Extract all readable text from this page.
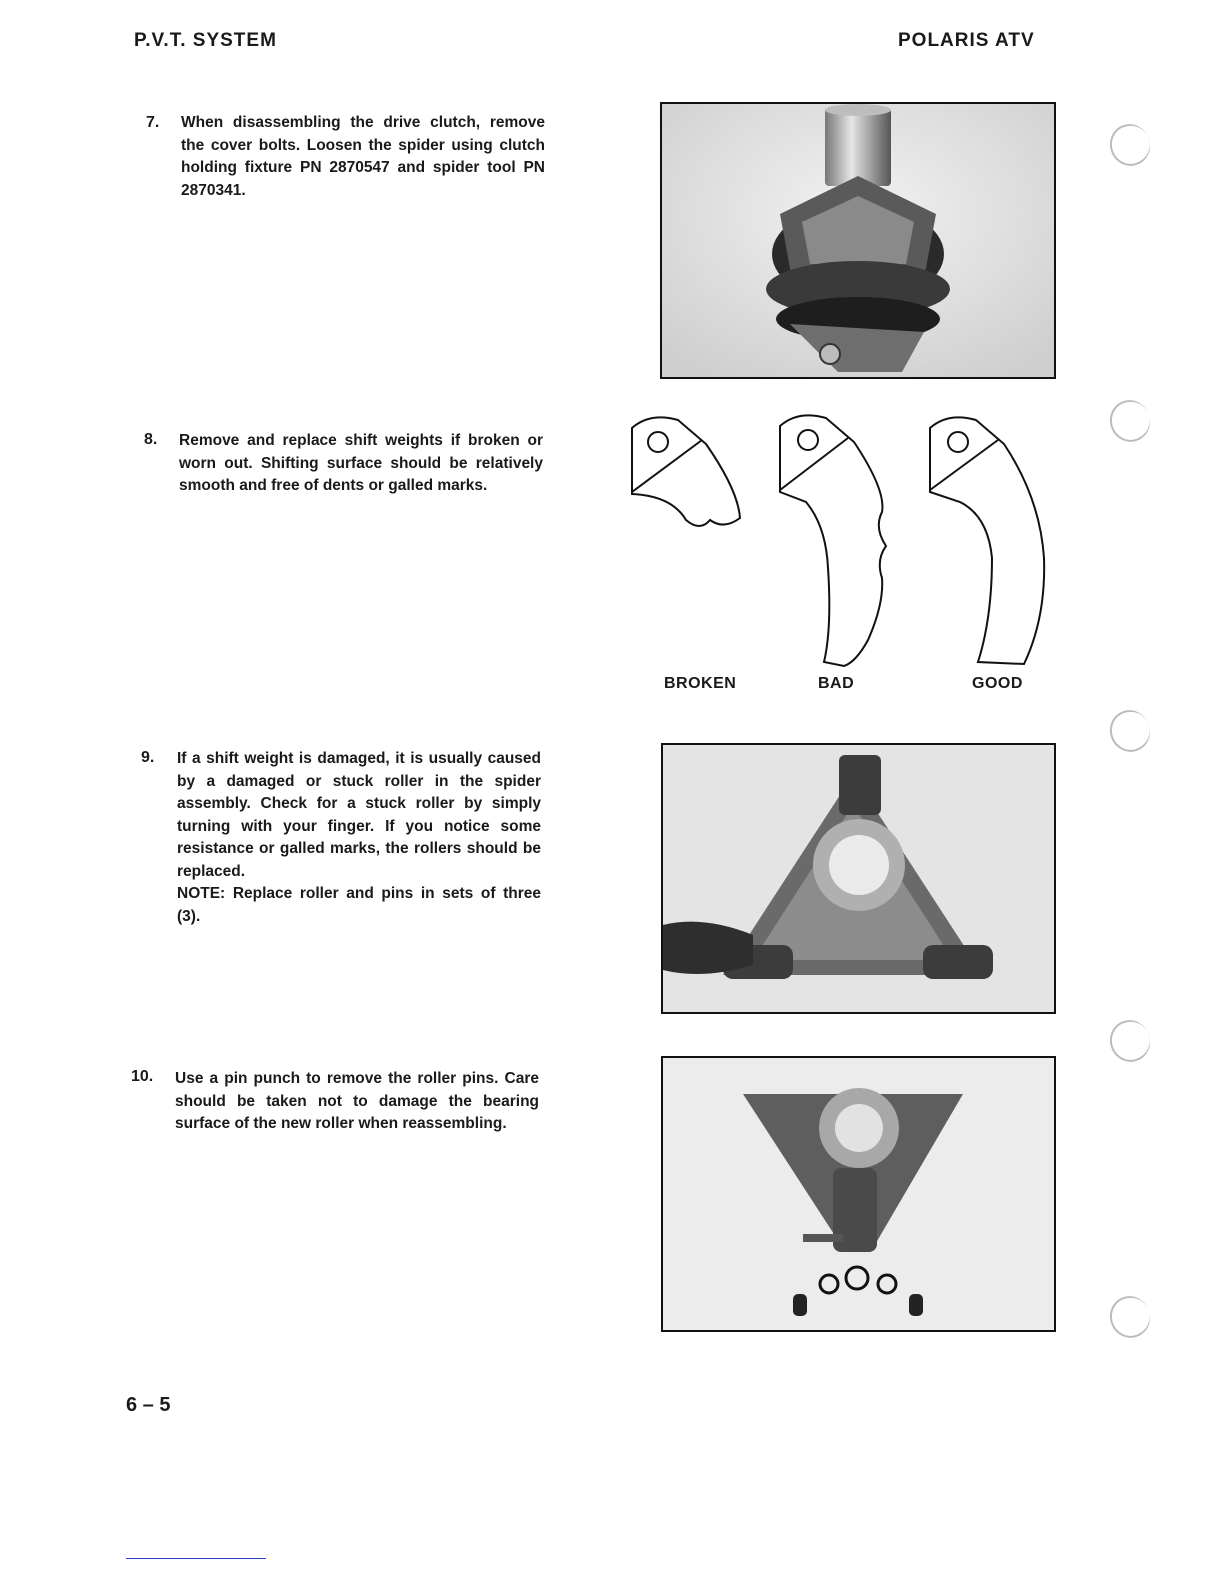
P.V.T. SYSTEM	POLARIS ATV
7. When disassembling the drive clutch, remove the cover bolts. Loosen the spider using clutch holding fixture PN 2870547 and spider tool PN 2870341.
8. Remove and replace shift weights if broken or worn out. Shifting surface should be relatively smooth and free of dents or galled marks.
BROKEN	BAD	GOOD
9. If a shift weight is damaged, it is usually caused by a damaged or stuck roller in the spider assembly. Check for a stuck roller by simply turning with your finger. If you notice some resistance or galled marks, the rollers should be replaced.
NOTE: Replace roller and pins in sets of three (3).
10. Use a pin punch to remove the roller pins. Care should be taken not to damage the bearing surface of the new roller when reassembling.
6 – 5
